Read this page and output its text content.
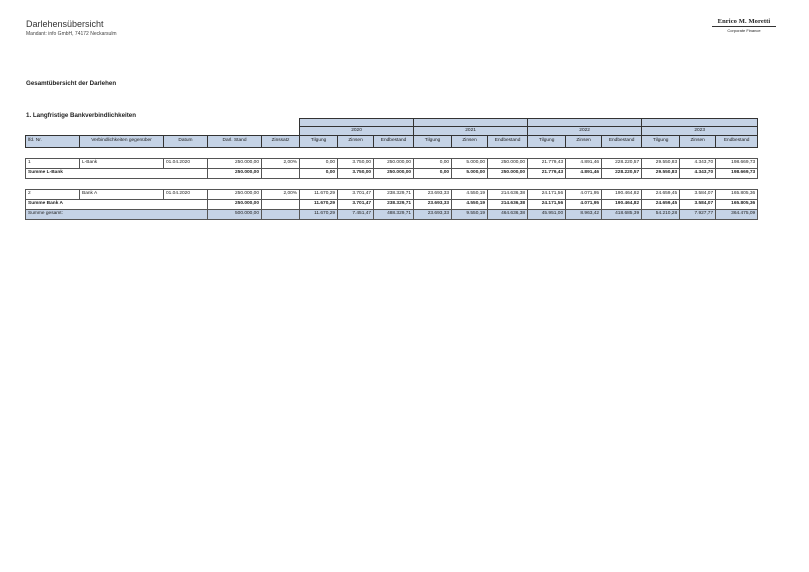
Darlehensübersicht
Mandant: info GmbH, 74172 Neckarsulm
Enrico M. Moretti
Corporate Finance
Gesamtübersicht der Darlehen
1. Langfristige Bankverbindlichkeiten

					2020			2021			2022			2023		
lfd. Nr.	Verbindlichkeiten gegenüber	Datum	Darl. Stand	Zinssatz	Tilgung	Zinsen	Endbestand	Tilgung	Zinsen	Endbestand	Tilgung	Zinsen	Endbestand	Tilgung	Zinsen	Endbestand

1	L-Bank	01.04.2020	250.000,00	2,00%	0,00	3.750,00	250.000,00	0,00	5.000,00	250.000,00	21.779,43	4.891,46	228.220,57	29.550,83	4.343,70	198.669,73
Summe L-Bank			250.000,00		0,00	3.750,00	250.000,00	0,00	5.000,00	250.000,00	21.779,43	4.891,46	228.220,57	29.550,83	4.343,70	198.669,73

2	Bank A	01.04.2020	250.000,00	2,00%	11.670,29	3.701,47	238.329,71	23.693,33	4.550,19	214.636,38	24.171,56	4.071,95	190.464,82	24.659,45	3.584,07	165.805,36
Summe Bank A			250.000,00		11.670,29	3.701,47	238.329,71	23.693,33	4.550,19	214.636,38	24.171,56	4.071,95	190.464,82	24.659,45	3.584,07	165.805,36
Summe gesamt:			500.000,00		11.670,29	7.451,47	488.329,71	23.693,33	9.550,19	464.636,38	45.951,00	8.963,42	418.685,39	54.210,28	7.927,77	364.475,09
